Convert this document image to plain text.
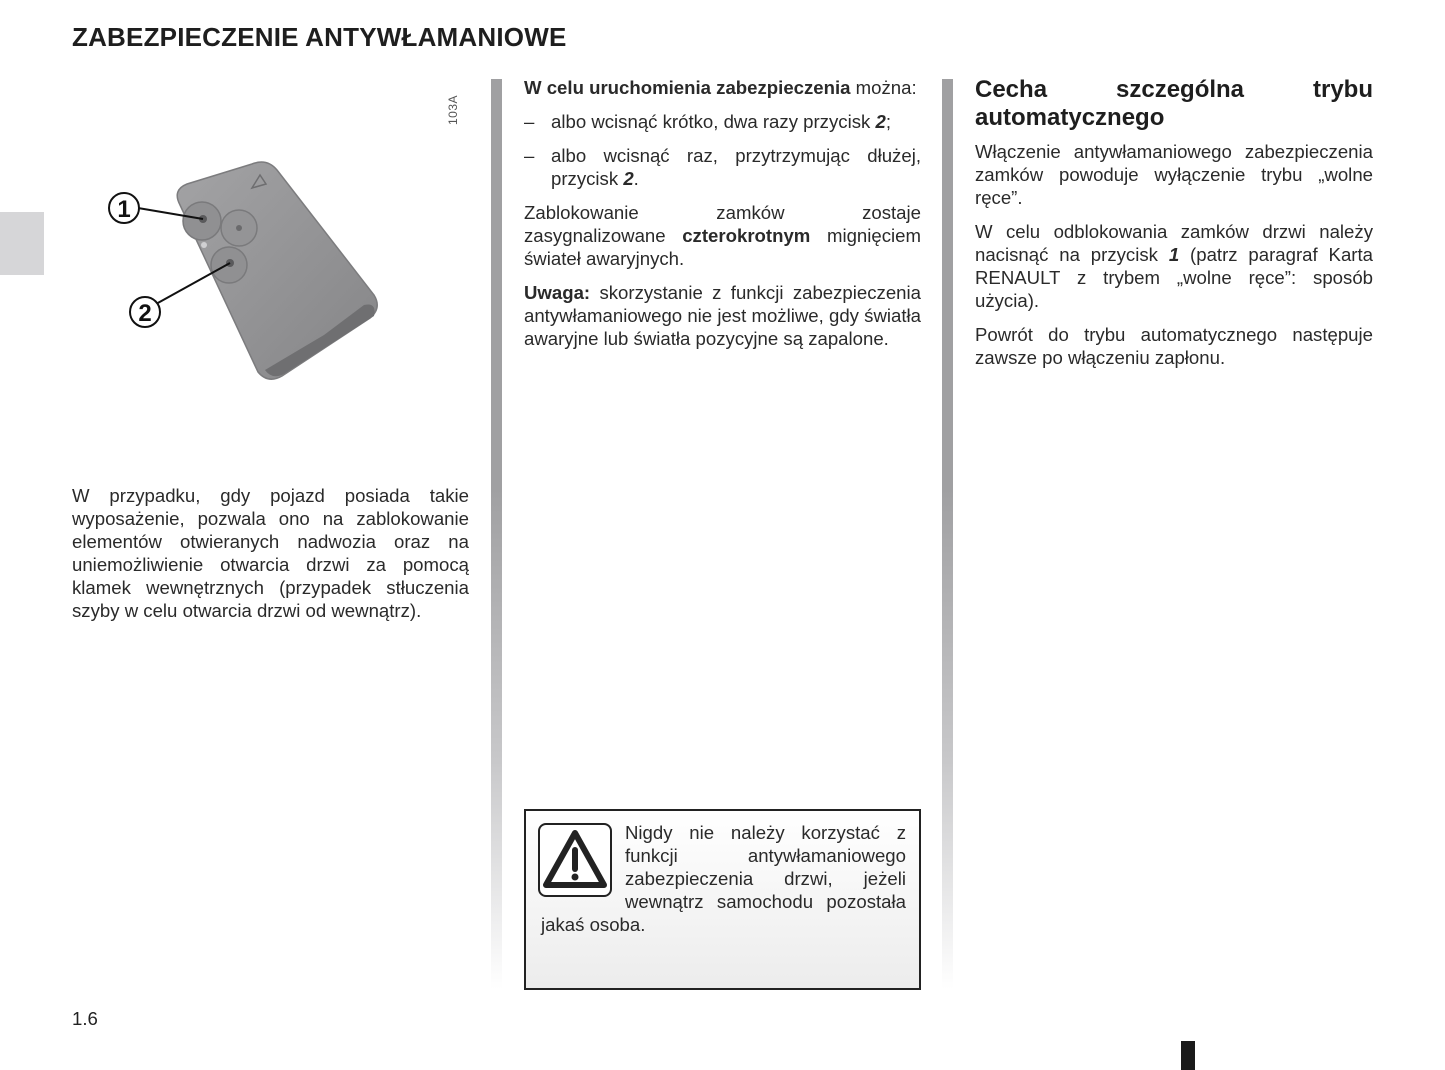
ZABEZPIECZENIE ANTYWŁAMANIOWE
1
2
103A

W przypadku, gdy pojazd posiada takie wyposażenie, pozwala ono na zablokowanie elementów otwieranych nadwozia oraz na uniemożliwienie otwarcia drzwi za pomocą klamek wewnętrznych (przypadek stłuczenia szyby w celu otwarcia drzwi od wewnątrz).

W celu uruchomienia zabezpieczenia można:

– albo wcisnąć krótko, dwa razy przycisk 2;
– albo wcisnąć raz, przytrzymując dłużej, przycisk 2.

Zablokowanie zamków zostaje zasygnalizowane czterokrotnym mignięciem świateł awaryjnych.

Uwaga: skorzystanie z funkcji zabezpieczenia antywłamaniowego nie jest możliwe, gdy światła awaryjne lub światła pozycyjne są zapalone.

Nigdy nie należy korzystać z funkcji antywłamaniowego zabezpieczenia drzwi, jeżeli wewnątrz samochodu pozostała jakaś osoba.
Cecha szczególna trybu automatycznego

Włączenie antywłamaniowego zabezpieczenia zamków powoduje wyłączenie trybu „wolne ręce”.

W celu odblokowania zamków drzwi należy nacisnąć na przycisk 1 (patrz paragraf Karta RENAULT z trybem „wolne ręce”: sposób użycia).

Powrót do trybu automatycznego następuje zawsze po włączeniu zapłonu.

1.6
